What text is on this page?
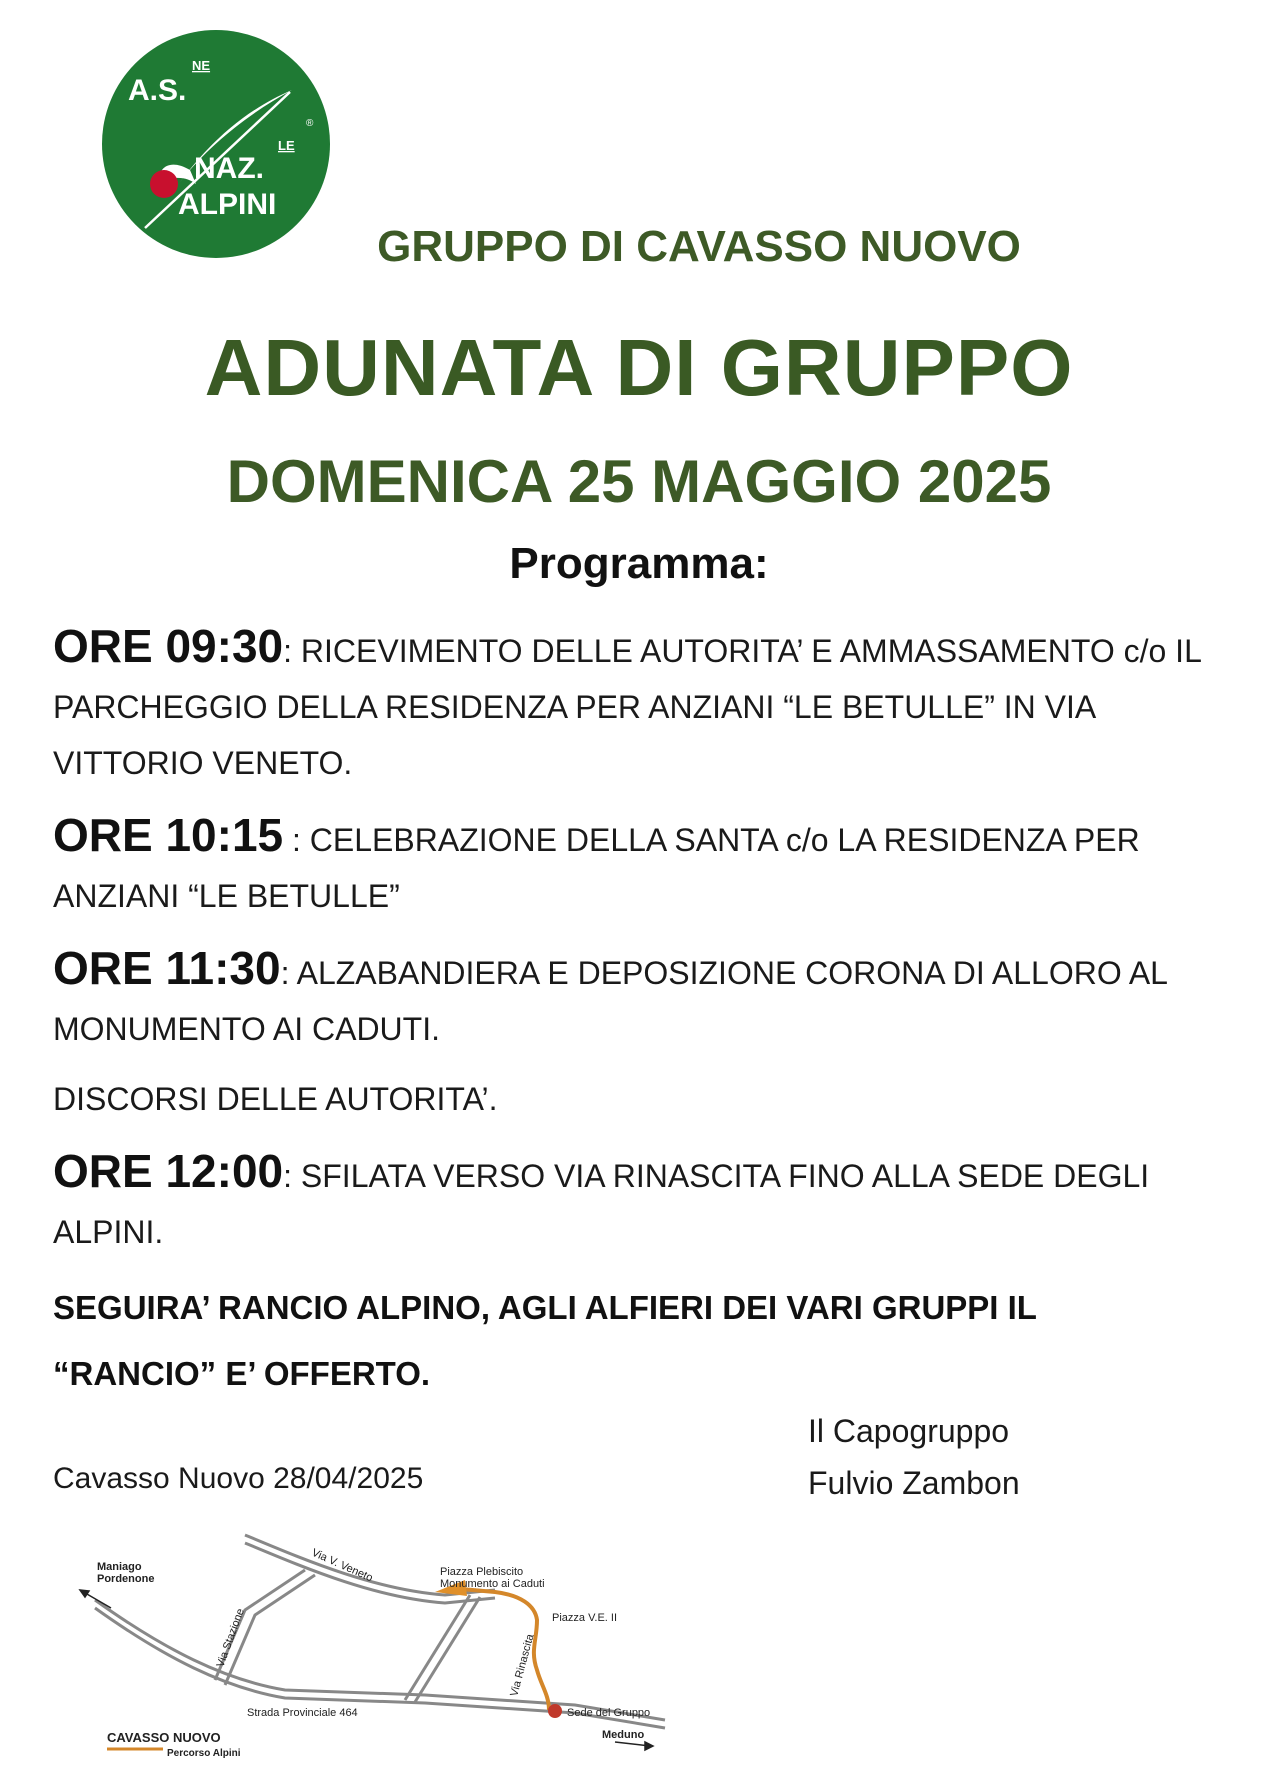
A.S.
NE
NAZ.
LE
ALPINI
®
GRUPPO DI CAVASSO NUOVO
ADUNATA DI GRUPPO
DOMENICA 25 MAGGIO 2025
Programma:

ORE 09:30: RICEVIMENTO DELLE AUTORITA’ E AMMASSAMENTO c/o IL PARCHEGGIO DELLA RESIDENZA PER ANZIANI “LE BETULLE” IN VIA VITTORIO VENETO.

ORE 10:15 : CELEBRAZIONE DELLA SANTA c/o LA RESIDENZA PER ANZIANI “LE BETULLE”

ORE 11:30: ALZABANDIERA E DEPOSIZIONE CORONA DI ALLORO AL MONUMENTO AI CADUTI.
DISCORSI DELLE AUTORITA’.

ORE 12:00: SFILATA VERSO VIA RINASCITA FINO ALLA SEDE DEGLI ALPINI.

SEGUIRA’ RANCIO ALPINO, AGLI ALFIERI DEI VARI GRUPPI IL
“RANCIO” E’ OFFERTO.

Il Capogruppo
Fulvio Zambon
Cavasso Nuovo 28/04/2025
Maniago
Pordenone	Via V. Veneto	Piazza Plebiscito
Monumento ai Caduti
Piazza V.E. II
Via Stazione	Via Rinascita
Sede del Gruppo
Strada Provinciale 464
Meduno
CAVASSO NUOVO
Percorso Alpini
